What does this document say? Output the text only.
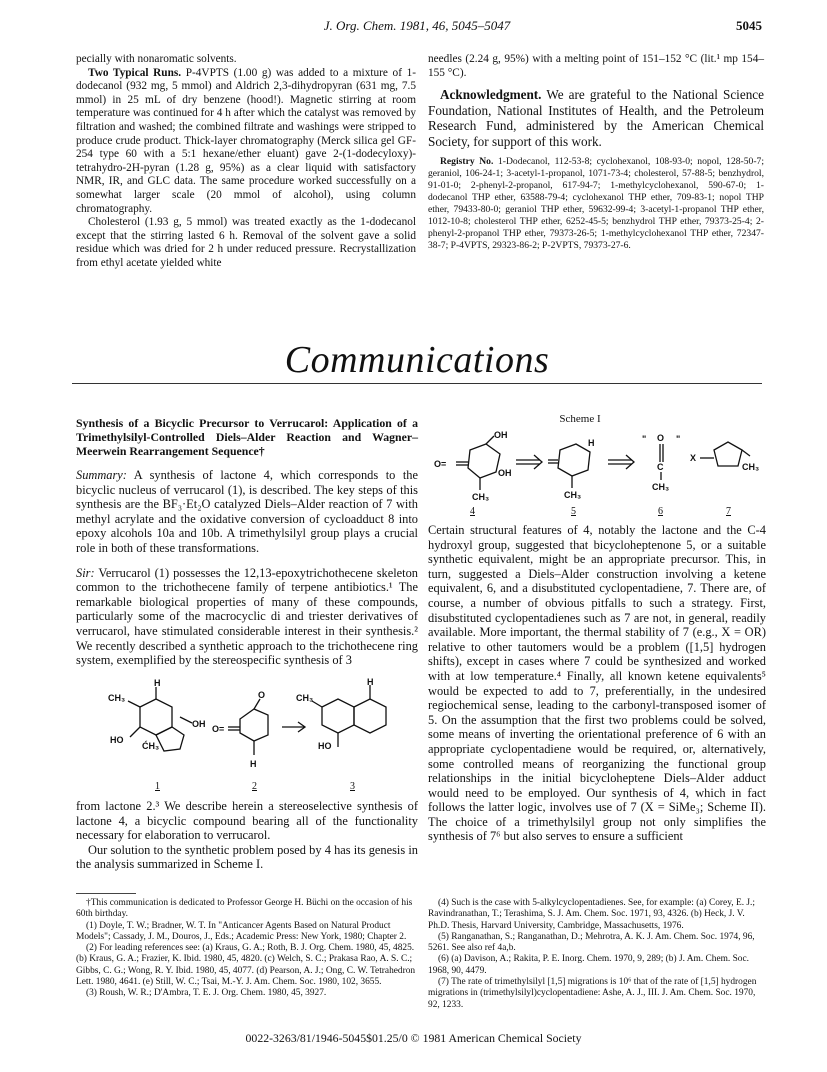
J. Org. Chem. 1981, 46, 5045–5047	5045

pecially with nonaromatic solvents.

Two Typical Runs. P-4VPTS (1.00 g) was added to a mixture of 1-dodecanol (932 mg, 5 mmol) and Aldrich 2,3-dihydropyran (631 mg, 7.5 mmol) in 25 mL of dry benzene (hood!). Magnetic stirring at room temperature was continued for 4 h after which the catalyst was removed by filtration and washed; the combined filtrate and washings were stripped to produce crude product. Thick-layer chromatography (Merck silica gel GF-254 type 60 with a 5:1 hexane/ether eluant) gave 2-(1-dodecyloxy)-tetrahydro-2H-pyran (1.28 g, 95%) as a clear liquid with satisfactory NMR, IR, and GLC data. The same procedure worked successfully on a somewhat larger scale (20 mmol of alcohol), using column chromatography.

Cholesterol (1.93 g, 5 mmol) was treated exactly as the 1-dodecanol except that the stirring lasted 6 h. Removal of the solvent gave a solid residue which was dried for 2 h under reduced pressure. Recrystallization from ethyl acetate yielded white

needles (2.24 g, 95%) with a melting point of 151–152 °C (lit.¹ mp 154–155 °C).

Acknowledgment. We are grateful to the National Science Foundation, National Institutes of Health, and the Petroleum Research Fund, administered by the American Chemical Society, for support of this work.

Registry No. 1-Dodecanol, 112-53-8; cyclohexanol, 108-93-0; nopol, 128-50-7; geraniol, 106-24-1; 3-acetyl-1-propanol, 1071-73-4; cholesterol, 57-88-5; benzhydrol, 91-01-0; 2-phenyl-2-propanol, 617-94-7; 1-methylcyclohexanol, 590-67-0; 1-dodecanol THP ether, 63588-79-4; cyclohexanol THP ether, 709-83-1; nopol THP ether, 79433-80-0; geraniol THP ether, 59632-99-4; 3-acetyl-1-propanol THP ether, 1012-10-8; cholesterol THP ether, 6252-45-5; benzhydrol THP ether, 79373-25-4; 2-phenyl-2-propanol THP ether, 79373-26-5; 1-methylcyclohexanol THP ether, 72347-38-7; P-4VPTS, 29323-86-2; P-2VPTS, 79373-27-6.

Communications

Synthesis of a Bicyclic Precursor to Verrucarol: Application of a Trimethylsilyl-Controlled Diels–Alder Reaction and Wagner–Meerwein Rearrangement Sequence†

Summary: A synthesis of lactone 4, which corresponds to the bicyclic nucleus of verrucarol (1), is described. The key steps of this synthesis are the BF₃·Et₂O catalyzed Diels–Alder reaction of 7 with methyl acrylate and the oxidative conversion of cycloadduct 8 into epoxy alcohols 10a and 10b. A trimethylsilyl group plays a crucial role in both of these transformations.

Sir: Verrucarol (1) possesses the 12,13-epoxytrichothecene skeleton common to the trichothecene family of terpene antibiotics.¹ The remarkable biological properties of many of these compounds, particularly some of the macrocyclic di and triester derivatives of verrucarol, have stimulated considerable interest in their synthesis.² We recently described a synthetic approach to the trichothecene ring system, exemplified by the stereospecific synthesis of 3

CH₃
H
HO
ĆH₃
OH O=
O
H
CH₃
H
HO
1	2	3

from lactone 2.³ We describe herein a stereoselective synthesis of lactone 4, a bicyclic compound bearing all of the functionality necessary for elaboration to verrucarol.

Our solution to the synthetic problem posed by 4 has its genesis in the analysis summarized in Scheme I.

Scheme I
OH
O=
OH
CH₃
H
CH₃
O
C
CH₃
"	"
X
CH₃
4	5	6	7

Certain structural features of 4, notably the lactone and the C-4 hydroxyl group, suggested that bicycloheptenone 5, or a suitable synthetic equivalent, might be an appropriate precursor. This, in turn, suggested a Diels–Alder construction involving a ketene equivalent, 6, and a disubstituted cyclopentadiene, 7. There are, of course, a number of obvious pitfalls to such a strategy. First, disubstituted cyclopentadienes such as 7 are not, in general, readily available. More important, the thermal stability of 7 (e.g., X = OR) relative to other tautomers would be a problem ([1,5] hydrogen shifts), except in cases where 7 could be synthesized and worked with at low temperature.⁴ Finally, all known ketene equivalents⁵ would be expected to add to 7, preferentially, in the undesired regiochemical sense, leading to the carbonyl-transposed isomer of 5. On the assumption that the first two problems could be solved, some means of inverting the orientational preference of 6 with an appropriate cyclopentadiene would be required, or, alternatively, some controlled means of reorganizing the functional group relationships in the initial bicycloheptene Diels–Alder adduct would need to be employed. Our synthesis of 4, which in fact follows the latter logic, involves use of 7 (X = SiMe₃; Scheme II). The choice of a trimethylsilyl group not only simplifies the synthesis of 7⁶ but also serves to ensure a sufficient

†This communication is dedicated to Professor George H. Büchi on the occasion of his 60th birthday.

(1) Doyle, T. W.; Bradner, W. T. In "Anticancer Agents Based on Natural Product Models"; Cassady, J. M., Douros, J., Eds.; Academic Press: New York, 1980; Chapter 2.

(2) For leading references see: (a) Kraus, G. A.; Roth, B. J. Org. Chem. 1980, 45, 4825. (b) Kraus, G. A.; Frazier, K. Ibid. 1980, 45, 4820. (c) Welch, S. C.; Prakasa Rao, A. S. C.; Gibbs, C. G.; Wong, R. Y. Ibid. 1980, 45, 4077. (d) Pearson, A. J.; Ong, C. W. Tetrahedron Lett. 1980, 4641. (e) Still, W. C.; Tsai, M.-Y. J. Am. Chem. Soc. 1980, 102, 3655.

(3) Roush, W. R.; D'Ambra, T. E. J. Org. Chem. 1980, 45, 3927.

(4) Such is the case with 5-alkylcyclopentadienes. See, for example: (a) Corey, E. J.; Ravindranathan, T.; Terashima, S. J. Am. Chem. Soc. 1971, 93, 4326. (b) Heck, J. V. Ph.D. Thesis, Harvard University, Cambridge, Massachusetts, 1976.

(5) Ranganathan, S.; Ranganathan, D.; Mehrotra, A. K. J. Am. Chem. Soc. 1974, 96, 5261. See also ref 4a,b.

(6) (a) Davison, A.; Rakita, P. E. Inorg. Chem. 1970, 9, 289; (b) J. Am. Chem. Soc. 1968, 90, 4479.

(7) The rate of trimethylsilyl [1,5] migrations is 10⁶ that of the rate of [1,5] hydrogen migrations in (trimethylsilyl)cyclopentadiene: Ashe, A. J., III. J. Am. Chem. Soc. 1970, 92, 1233.

0022-3263/81/1946-5045$01.25/0 © 1981 American Chemical Society
